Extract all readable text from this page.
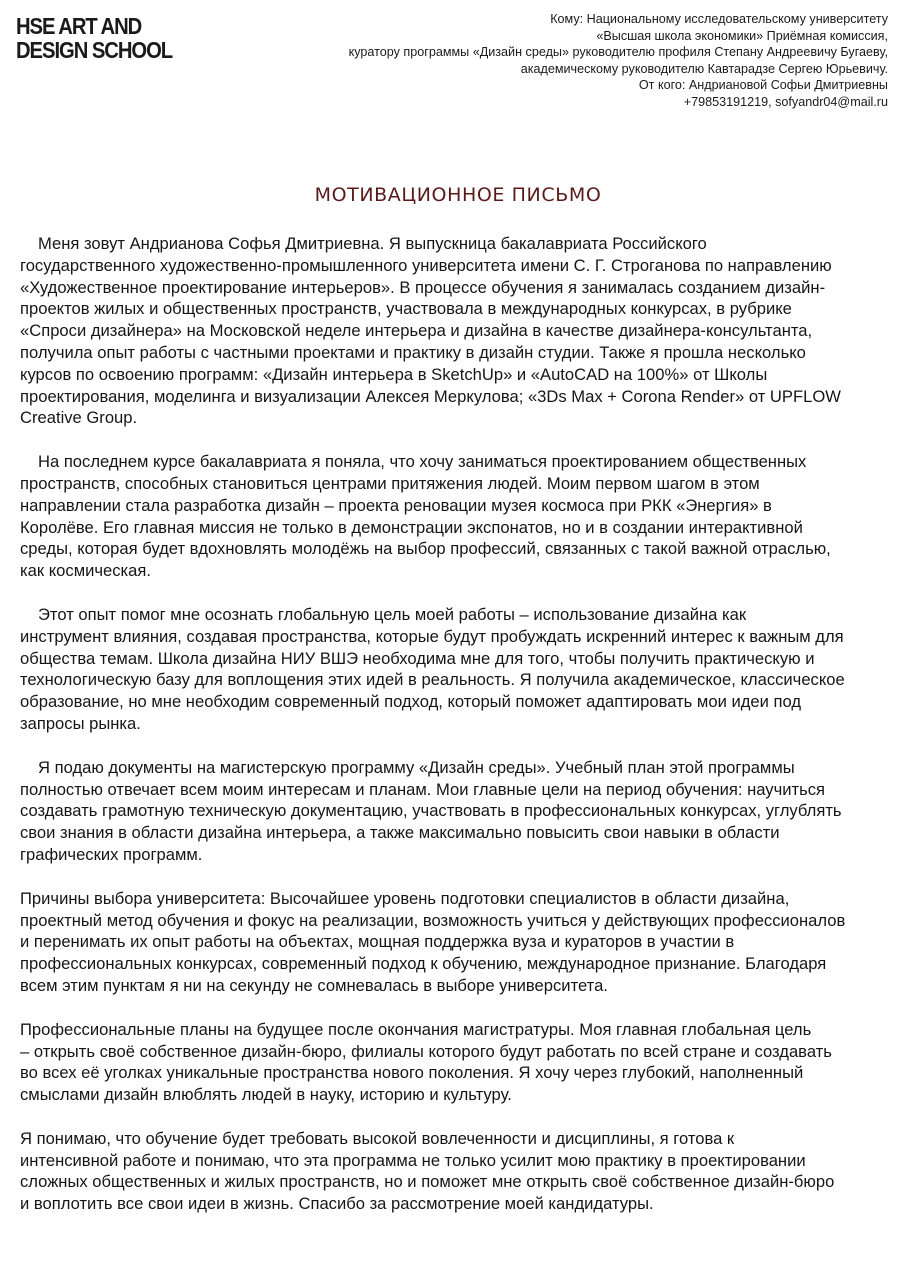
HSE ART AND
DESIGN SCHOOL
Кому: Национальному исследовательскому университету
«Высшая школа экономики» Приёмная комиссия,
куратору программы «Дизайн среды» руководителю профиля Степану Андреевичу Бугаеву,
академическому руководителю Кавтарадзе Сергею Юрьевичу.
От кого: Андриановой Софьи Дмитриевны
+79853191219, sofyandr04@mail.ru
МОТИВАЦИОННОЕ ПИСЬМО

Меня зовут Андрианова Софья Дмитриевна. Я выпускница бакалавриата Российского
государственного художественно-промышленного университета имени С. Г. Строганова по направлению
«Художественное проектирование интерьеров». В процессе обучения я занималась созданием дизайн-
проектов жилых и общественных пространств, участвовала в международных конкурсах, в рубрике
«Спроси дизайнера» на Московской неделе интерьера и дизайна в качестве дизайнера-консультанта,
получила опыт работы с частными проектами и практику в дизайн студии. Также я прошла несколько
курсов по освоению программ: «Дизайн интерьера в SketchUp» и «AutoCAD на 100%» от Школы
проектирования, моделинга и визуализации Алексея Меркулова; «3Ds Max + Corona Render» от UPFLOW
Creative Group.

На последнем курсе бакалавриата я поняла, что хочу заниматься проектированием общественных
пространств, способных становиться центрами притяжения людей. Моим первом шагом в этом
направлении стала разработка дизайн – проекта реновации музея космоса при РКК «Энергия» в
Королёве. Его главная миссия не только в демонстрации экспонатов, но и в создании интерактивной
среды, которая будет вдохновлять молодёжь на выбор профессий, связанных с такой важной отраслью,
как космическая.

Этот опыт помог мне осознать глобальную цель моей работы – использование дизайна как
инструмент влияния, создавая пространства, которые будут пробуждать искренний интерес к важным для
общества темам. Школа дизайна НИУ ВШЭ необходима мне для того, чтобы получить практическую и
технологическую базу для воплощения этих идей в реальность. Я получила академическое, классическое
образование, но мне необходим современный подход, который поможет адаптировать мои идеи под
запросы рынка.

Я подаю документы на магистерскую программу «Дизайн среды». Учебный план этой программы
полностью отвечает всем моим интересам и планам. Мои главные цели на период обучения: научиться
создавать грамотную техническую документацию, участвовать в профессиональных конкурсах, углублять
свои знания в области дизайна интерьера, а также максимально повысить свои навыки в области
графических программ.

Причины выбора университета: Высочайшее уровень подготовки специалистов в области дизайна,
проектный метод обучения и фокус на реализации, возможность учиться у действующих профессионалов
и перенимать их опыт работы на объектах, мощная поддержка вуза и кураторов в участии в
профессиональных конкурсах, современный подход к обучению, международное признание. Благодаря
всем этим пунктам я ни на секунду не сомневалась в выборе университета.

Профессиональные планы на будущее после окончания магистратуры. Моя главная глобальная цель
– открыть своё собственное дизайн-бюро, филиалы которого будут работать по всей стране и создавать
во всех её уголках уникальные пространства нового поколения. Я хочу через глубокий, наполненный
смыслами дизайн влюблять людей в науку, историю и культуру.

Я понимаю, что обучение будет требовать высокой вовлеченности и дисциплины, я готова к
интенсивной работе и понимаю, что эта программа не только усилит мою практику в проектировании
сложных общественных и жилых пространств, но и поможет мне открыть своё собственное дизайн-бюро
и воплотить все свои идеи в жизнь. Спасибо за рассмотрение моей кандидатуры.
